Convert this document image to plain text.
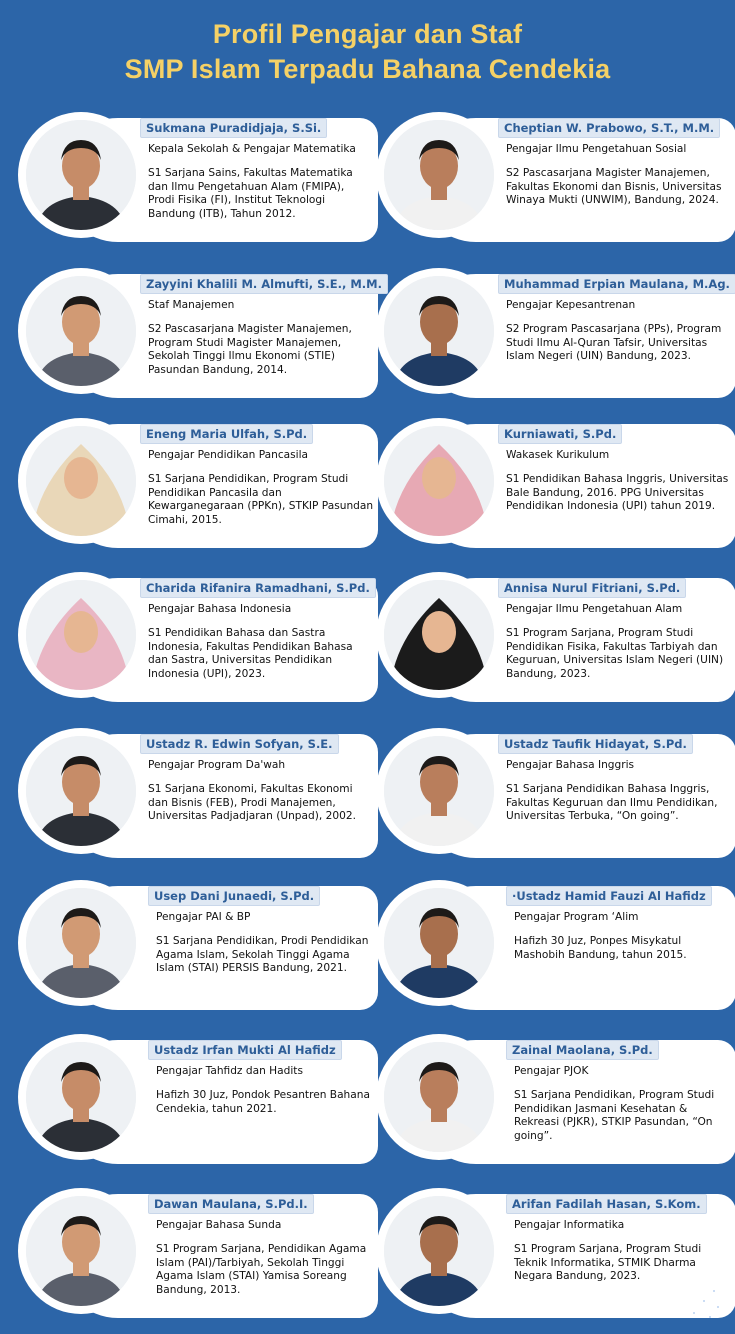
Profil Pengajar dan Staf
SMP Islam Terpadu Bahana Cendekia
Sukmana Puradidjaja, S.Si.
Kepala Sekolah & Pengajar Matematika
S1 Sarjana Sains, Fakultas Matematika dan Ilmu Pengetahuan Alam (FMIPA), Prodi Fisika (FI), Institut Teknologi Bandung (ITB), Tahun 2012.
Cheptian W. Prabowo, S.T., M.M.
Pengajar Ilmu Pengetahuan Sosial
S2 Pascasarjana Magister Manajemen, Fakultas Ekonomi dan Bisnis, Universitas Winaya Mukti (UNWIM), Bandung, 2024.
Zayyini Khalili M. Almufti, S.E., M.M.
Staf Manajemen
S2 Pascasarjana Magister Manajemen, Program Studi Magister Manajemen, Sekolah Tinggi Ilmu Ekonomi (STIE) Pasundan Bandung, 2014.
Muhammad Erpian Maulana, M.Ag.
Pengajar Kepesantrenan
S2 Program Pascasarjana (PPs), Program Studi Ilmu Al-Quran Tafsir, Universitas Islam Negeri (UIN) Bandung, 2023.
Eneng Maria Ulfah, S.Pd.
Pengajar Pendidikan Pancasila
S1 Sarjana Pendidikan, Program Studi Pendidikan Pancasila dan Kewarganegaraan (PPKn), STKIP Pasundan Cimahi, 2015.
Kurniawati, S.Pd.
Wakasek Kurikulum
S1 Pendidikan Bahasa Inggris, Universitas Bale Bandung, 2016. PPG Universitas Pendidikan Indonesia (UPI) tahun 2019.
Charida Rifanira Ramadhani, S.Pd.
Pengajar Bahasa Indonesia
S1 Pendidikan Bahasa dan Sastra Indonesia, Fakultas Pendidikan Bahasa dan Sastra, Universitas Pendidikan Indonesia (UPI), 2023.
Annisa Nurul Fitriani, S.Pd.
Pengajar Ilmu Pengetahuan Alam
S1 Program Sarjana, Program Studi Pendidikan Fisika, Fakultas Tarbiyah dan Keguruan, Universitas Islam Negeri (UIN) Bandung, 2023.
Ustadz R. Edwin Sofyan, S.E.
Pengajar Program Da'wah
S1 Sarjana Ekonomi, Fakultas Ekonomi dan Bisnis (FEB), Prodi Manajemen, Universitas Padjadjaran (Unpad), 2002.
Ustadz Taufik Hidayat, S.Pd.
Pengajar Bahasa Inggris
S1 Sarjana Pendidikan Bahasa Inggris, Fakultas Keguruan dan Ilmu Pendidikan, Universitas Terbuka, “On going”.
Usep Dani Junaedi, S.Pd.
Pengajar PAI & BP
S1 Sarjana Pendidikan, Prodi Pendidikan Agama Islam, Sekolah Tinggi Agama Islam (STAI) PERSIS Bandung, 2021.
·Ustadz Hamid Fauzi Al Hafidz
Pengajar Program ‘Alim
Hafizh 30 Juz, Ponpes Misykatul Mashobih Bandung, tahun 2015.
Ustadz Irfan Mukti Al Hafidz
Pengajar Tahfidz dan Hadits
Hafizh 30 Juz, Pondok Pesantren Bahana Cendekia, tahun 2021.
Zainal Maolana, S.Pd.
Pengajar PJOK
S1 Sarjana Pendidikan, Program Studi Pendidikan Jasmani Kesehatan & Rekreasi (PJKR), STKIP Pasundan, “On going”.
Dawan Maulana, S.Pd.I.
Pengajar Bahasa Sunda
S1 Program Sarjana, Pendidikan Agama Islam (PAI)/Tarbiyah, Sekolah Tinggi Agama Islam (STAI) Yamisa Soreang Bandung, 2013.
Arifan Fadilah Hasan, S.Kom.
Pengajar Informatika
S1 Program Sarjana, Program Studi Teknik Informatika, STMIK Dharma Negara Bandung, 2023.
